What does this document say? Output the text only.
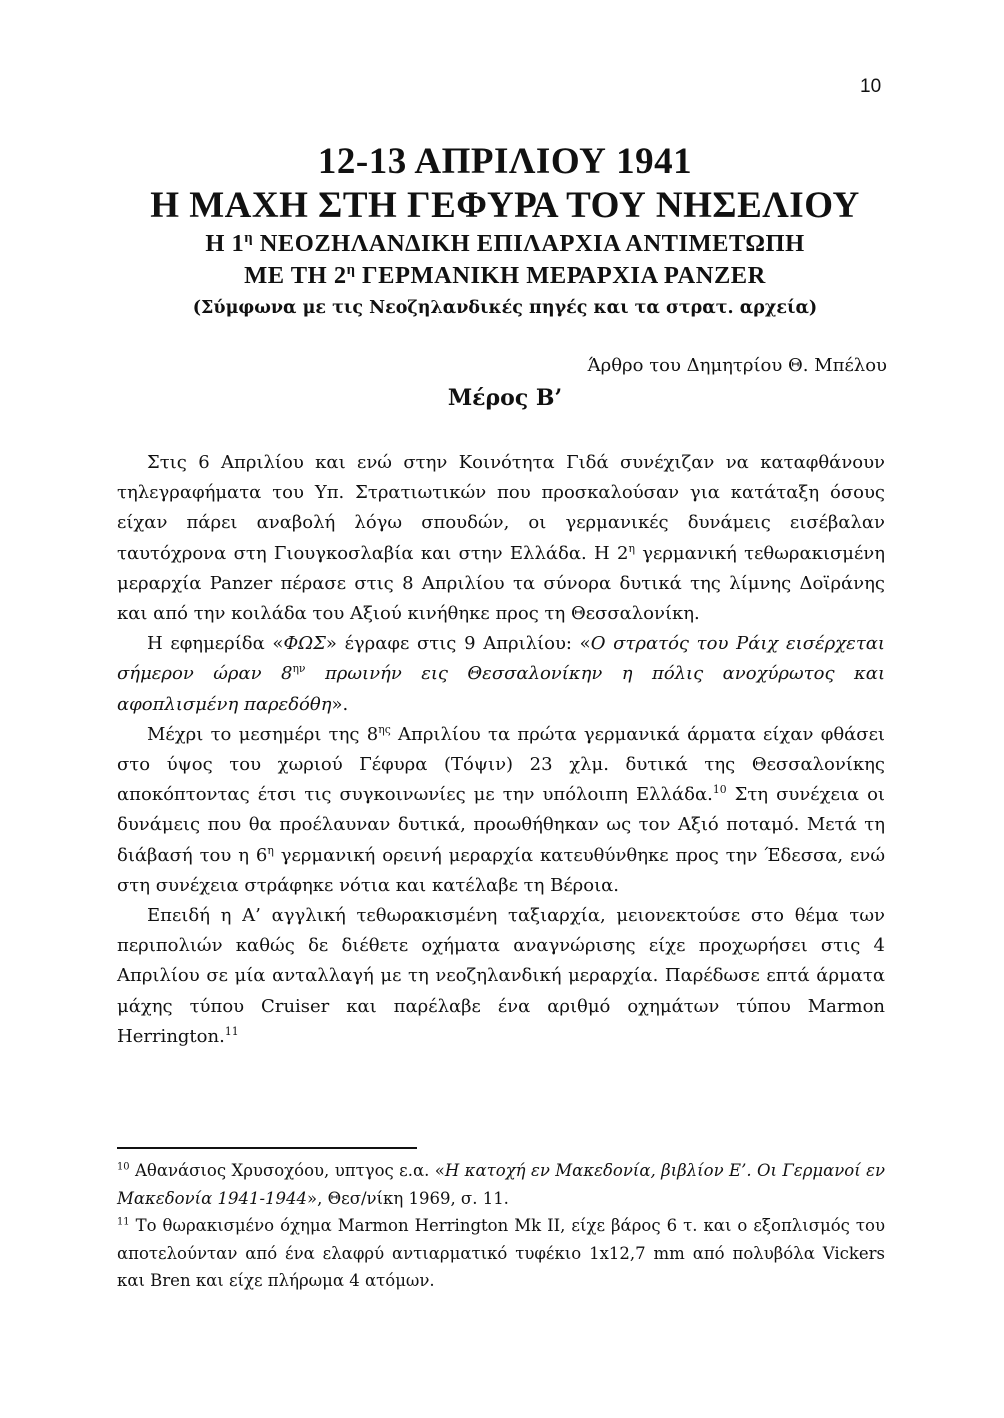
10
12-13 ΑΠΡΙΛΙΟΥ 1941
Η ΜΑΧΗ ΣΤΗ ΓΕΦΥΡΑ ΤΟΥ ΝΗΣΕΛΙΟΥ
Η $1^\eta$ ΝΕΟΖΗΛΑΝΔΙΚΗ ΕΠΙΛΑΡΧΙΑ ΑΝΤΙΜΕΤΩΠΗ
ΜΕ ΤΗ $2^\eta$ ΓΕΡΜΑΝΙΚΗ ΜΕΡΑΡΧΙΑ PANZER
(Σύμφωνα με τις Νεοζηλανδικές πηγές και τα στρατ. αρχεία)
Άρθρο του Δημητρίου Θ. Μπέλου
Μέρος Β’

Στις 6 Απριλίου και ενώ στην Κοινότητα Γιδά συνέχιζαν να καταφθάνουν τηλεγραφήματα του Υπ. Στρατιωτικών που προσκαλούσαν για κατάταξη όσους είχαν πάρει αναβολή λόγω σπουδών, οι γερμανικές δυνάμεις εισέβαλαν ταυτόχρονα στη Γιουγκοσλαβία και στην Ελλάδα. Η $2^\eta$ γερμανική τεθωρακισμένη μεραρχία Panzer πέρασε στις 8 Απριλίου τα σύνορα δυτικά της λίμνης Δοϊράνης και από την κοιλάδα του Αξιού κινήθηκε προς τη Θεσσαλονίκη.

Η εφημερίδα «ΦΩΣ» έγραφε στις 9 Απριλίου: «Ο στρατός του Ράιχ εισέρχεται σήμερον ώραν $8^{\eta\nu}$ πρωινήν εις Θεσσαλονίκην η πόλις ανοχύρωτος και αφοπλισμένη παρεδόθη».

Μέχρι το μεσημέρι της $8^{\eta\varsigma}$ Απριλίου τα πρώτα γερμανικά άρματα είχαν φθάσει στο ύψος του χωριού Γέφυρα (Τόψιν) 23 χλμ. δυτικά της Θεσσαλονίκης αποκόπτοντας έτσι τις συγκοινωνίες με την υπόλοιπη Ελλάδα.$^{10}$ Στη συνέχεια οι δυνάμεις που θα προέλαυναν δυτικά, προωθήθηκαν ως τον Αξιό ποταμό. Μετά τη διάβασή του η $6^\eta$ γερμανική ορεινή μεραρχία κατευθύνθηκε προς την Έδεσσα, ενώ στη συνέχεια στράφηκε νότια και κατέλαβε τη Βέροια.

Επειδή η Α’ αγγλική τεθωρακισμένη ταξιαρχία, μειονεκτούσε στο θέμα των περιπολιών καθώς δε διέθετε οχήματα αναγνώρισης είχε προχωρήσει στις 4 Απριλίου σε μία ανταλλαγή με τη νεοζηλανδική μεραρχία. Παρέδωσε επτά άρματα μάχης τύπου Cruiser και παρέλαβε ένα αριθμό οχημάτων τύπου Marmon Herrington.$^{11}$

$^{10}$ Αθανάσιος Χρυσοχόου, υπτγος ε.α. «Η κατοχή εν Μακεδονία, βιβλίον Ε’. Οι Γερμανοί εν Μακεδονία 1941-1944», Θεσ/νίκη 1969, σ. 11.

$^{11}$ Το θωρακισμένο όχημα Marmon Herrington Mk II, είχε βάρος 6 τ. και ο εξοπλισμός του αποτελούνταν από ένα ελαφρύ αντιαρματικό τυφέκιο 1x12,7 mm από πολυβόλα Vickers και Bren και είχε πλήρωμα 4 ατόμων.
